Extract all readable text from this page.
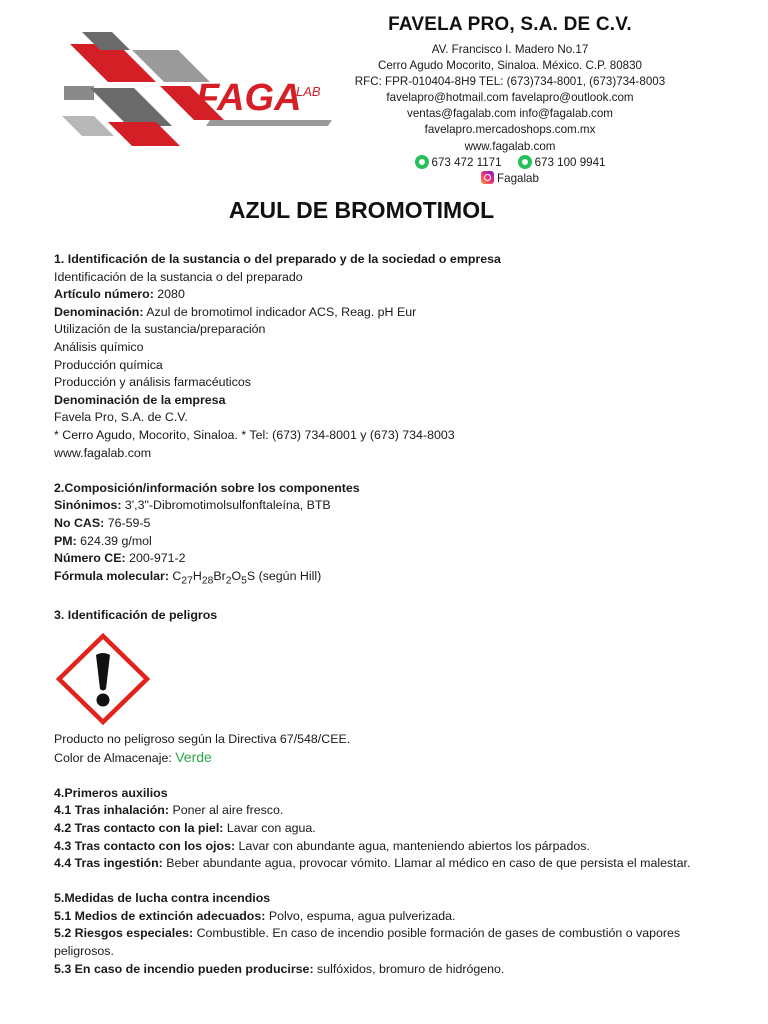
FAGA
LAB
FAVELA PRO, S.A. DE C.V.
AV. Francisco I. Madero No.17
Cerro Agudo Mocorito, Sinaloa. México. C.P. 80830
RFC: FPR-010404-8H9 TEL: (673)734-8001, (673)734-8003
favelapro@hotmail.com favelapro@outlook.com
ventas@fagalab.com info@fagalab.com
favelapro.mercadoshops.com.mx
www.fagalab.com
673 472 1171	673 100 9941
Fagalab
AZUL DE BROMOTIMOL
1. Identificación de la sustancia o del preparado y de la sociedad o empresa
Identificación de la sustancia o del preparado
Artículo número: 2080
Denominación: Azul de bromotimol indicador ACS, Reag. pH Eur
Utilización de la sustancia/preparación
Análisis químico
Producción química
Producción y análisis farmacéuticos
Denominación de la empresa
Favela Pro, S.A. de C.V.
* Cerro Agudo, Mocorito, Sinaloa. * Tel: (673) 734-8001 y (673) 734-8003
www.fagalab.com
2.Composición/información sobre los componentes
Sinónimos: 3',3"-Dibromotimolsulfonftaleína, BTB
No CAS: 76-59-5
PM: 624.39 g/mol
Número CE: 200-971-2
Fórmula molecular: $C_{27}H_{28}Br_2O_5S$ (según Hill)
3. Identificación de peligros
Producto no peligroso según la Directiva 67/548/CEE.
Color de Almacenaje: Verde
4.Primeros auxilios
4.1 Tras inhalación: Poner al aire fresco.
4.2 Tras contacto con la piel: Lavar con agua.
4.3 Tras contacto con los ojos: Lavar con abundante agua, manteniendo abiertos los párpados.
4.4 Tras ingestión: Beber abundante agua, provocar vómito. Llamar al médico en caso de que persista el malestar.
5.Medidas de lucha contra incendios
5.1 Medios de extinción adecuados: Polvo, espuma, agua pulverizada.
5.2 Riesgos especiales: Combustible. En caso de incendio posible formación de gases de combustión o vapores peligrosos.
5.3 En caso de incendio pueden producirse: sulfóxidos, bromuro de hidrógeno.
